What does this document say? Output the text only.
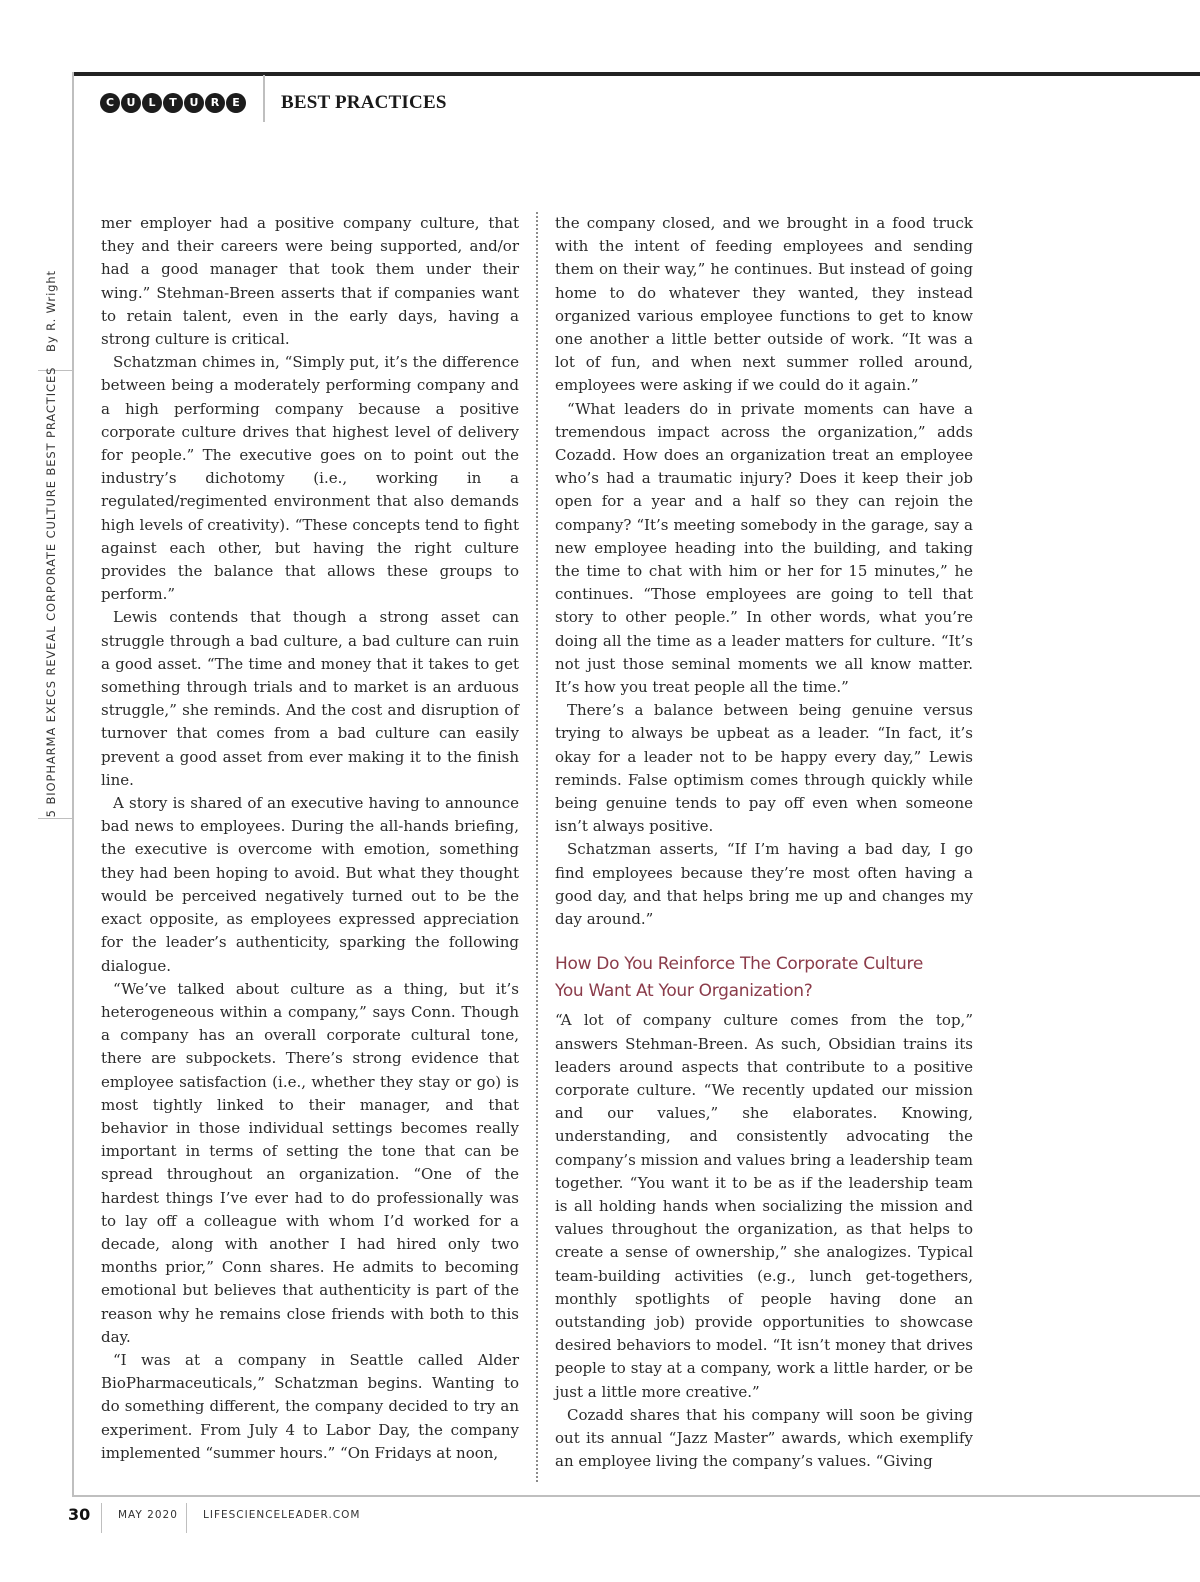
C	U	L	T	U	R	E	BEST PRACTICES
By R. Wright
5 BIOPHARMA EXECS REVEAL CORPORATE CULTURE BEST PRACTICES

mer employer had a positive company culture, that they and their careers were being supported, and/or had a good manager that took them under their wing.” Stehman-Breen asserts that if companies want to retain talent, even in the early days, having a strong culture is critical.

Schatzman chimes in, “Simply put, it’s the difference between being a moderately performing company and a high performing company because a positive corporate culture drives that highest level of delivery for people.” The executive goes on to point out the industry’s dichotomy (i.e., working in a regulated/regimented environment that also demands high levels of creativity). “These concepts tend to fight against each other, but having the right culture provides the balance that allows these groups to perform.”

Lewis contends that though a strong asset can struggle through a bad culture, a bad culture can ruin a good asset. “The time and money that it takes to get something through trials and to market is an arduous struggle,” she reminds. And the cost and disruption of turnover that comes from a bad culture can easily prevent a good asset from ever making it to the finish line.

A story is shared of an executive having to announce bad news to employees. During the all-hands briefing, the executive is overcome with emotion, something they had been hoping to avoid. But what they thought would be perceived negatively turned out to be the exact opposite, as employees expressed appreciation for the leader’s authenticity, sparking the following dialogue.

“We’ve talked about culture as a thing, but it’s heterogeneous within a company,” says Conn. Though a company has an overall corporate cultural tone, there are subpockets. There’s strong evidence that employee satisfaction (i.e., whether they stay or go) is most tightly linked to their manager, and that behavior in those individual settings becomes really important in terms of setting the tone that can be spread throughout an organization. “One of the hardest things I’ve ever had to do professionally was to lay off a colleague with whom I’d worked for a decade, along with another I had hired only two months prior,” Conn shares. He admits to becoming emotional but believes that authenticity is part of the reason why he remains close friends with both to this day.

“I was at a company in Seattle called Alder BioPharmaceuticals,” Schatzman begins. Wanting to do something different, the company decided to try an experiment. From July 4 to Labor Day, the company implemented “summer hours.” “On Fridays at noon,

the company closed, and we brought in a food truck with the intent of feeding employees and sending them on their way,” he continues. But instead of going home to do whatever they wanted, they instead organized various employee functions to get to know one another a little better outside of work. “It was a lot of fun, and when next summer rolled around, employees were asking if we could do it again.”

“What leaders do in private moments can have a tremendous impact across the organization,” adds Cozadd. How does an organization treat an employee who’s had a traumatic injury? Does it keep their job open for a year and a half so they can rejoin the company? “It’s meeting somebody in the garage, say a new employee heading into the building, and taking the time to chat with him or her for 15 minutes,” he continues. “Those employees are going to tell that story to other people.” In other words, what you’re doing all the time as a leader matters for culture. “It’s not just those seminal moments we all know matter. It’s how you treat people all the time.”

There’s a balance between being genuine versus trying to always be upbeat as a leader. “In fact, it’s okay for a leader not to be happy every day,” Lewis reminds. False optimism comes through quickly while being genuine tends to pay off even when someone isn’t always positive.

Schatzman asserts, “If I’m having a bad day, I go find employees because they’re most often having a good day, and that helps bring me up and changes my day around.”

How Do You Reinforce The Corporate Culture
You Want At Your Organization?

“A lot of company culture comes from the top,” answers Stehman-Breen. As such, Obsidian trains its leaders around aspects that contribute to a positive corporate culture. “We recently updated our mission and our values,” she elaborates. Knowing, understanding, and consistently advocating the company’s mission and values bring a leadership team together. “You want it to be as if the leadership team is all holding hands when socializing the mission and values throughout the organization, as that helps to create a sense of ownership,” she analogizes. Typical team-building activities (e.g., lunch get-togethers, monthly spotlights of people having done an outstanding job) provide opportunities to showcase desired behaviors to model. “It isn’t money that drives people to stay at a company, work a little harder, or be just a little more creative.”

Cozadd shares that his company will soon be giving out its annual “Jazz Master” awards, which exemplify an employee living the company’s values. “Giving

30	MAY 2020 LIFESCIENCELEADER.COM
